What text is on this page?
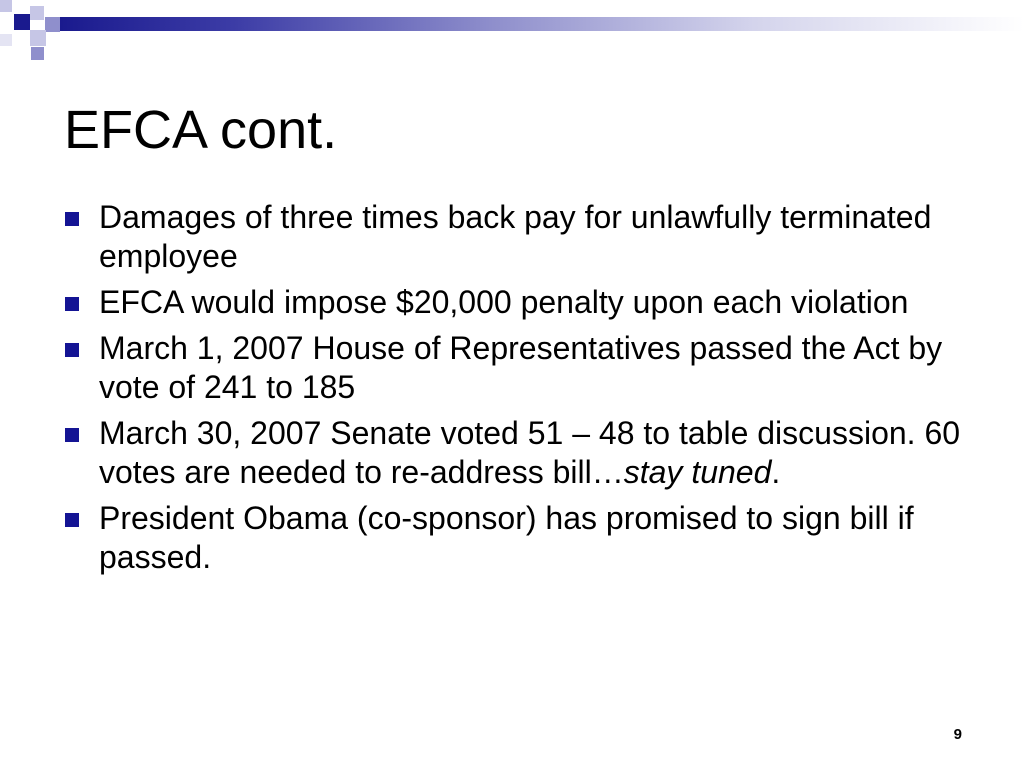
EFCA cont.
Damages of three times back pay for unlawfully terminated employee
EFCA would impose $20,000 penalty upon each violation
March 1, 2007 House of Representatives passed the Act by vote of 241 to 185
March 30, 2007 Senate voted 51 – 48 to table discussion. 60 votes are needed to re-address bill…stay tuned.
President Obama (co-sponsor) has promised to sign bill if passed.
9
